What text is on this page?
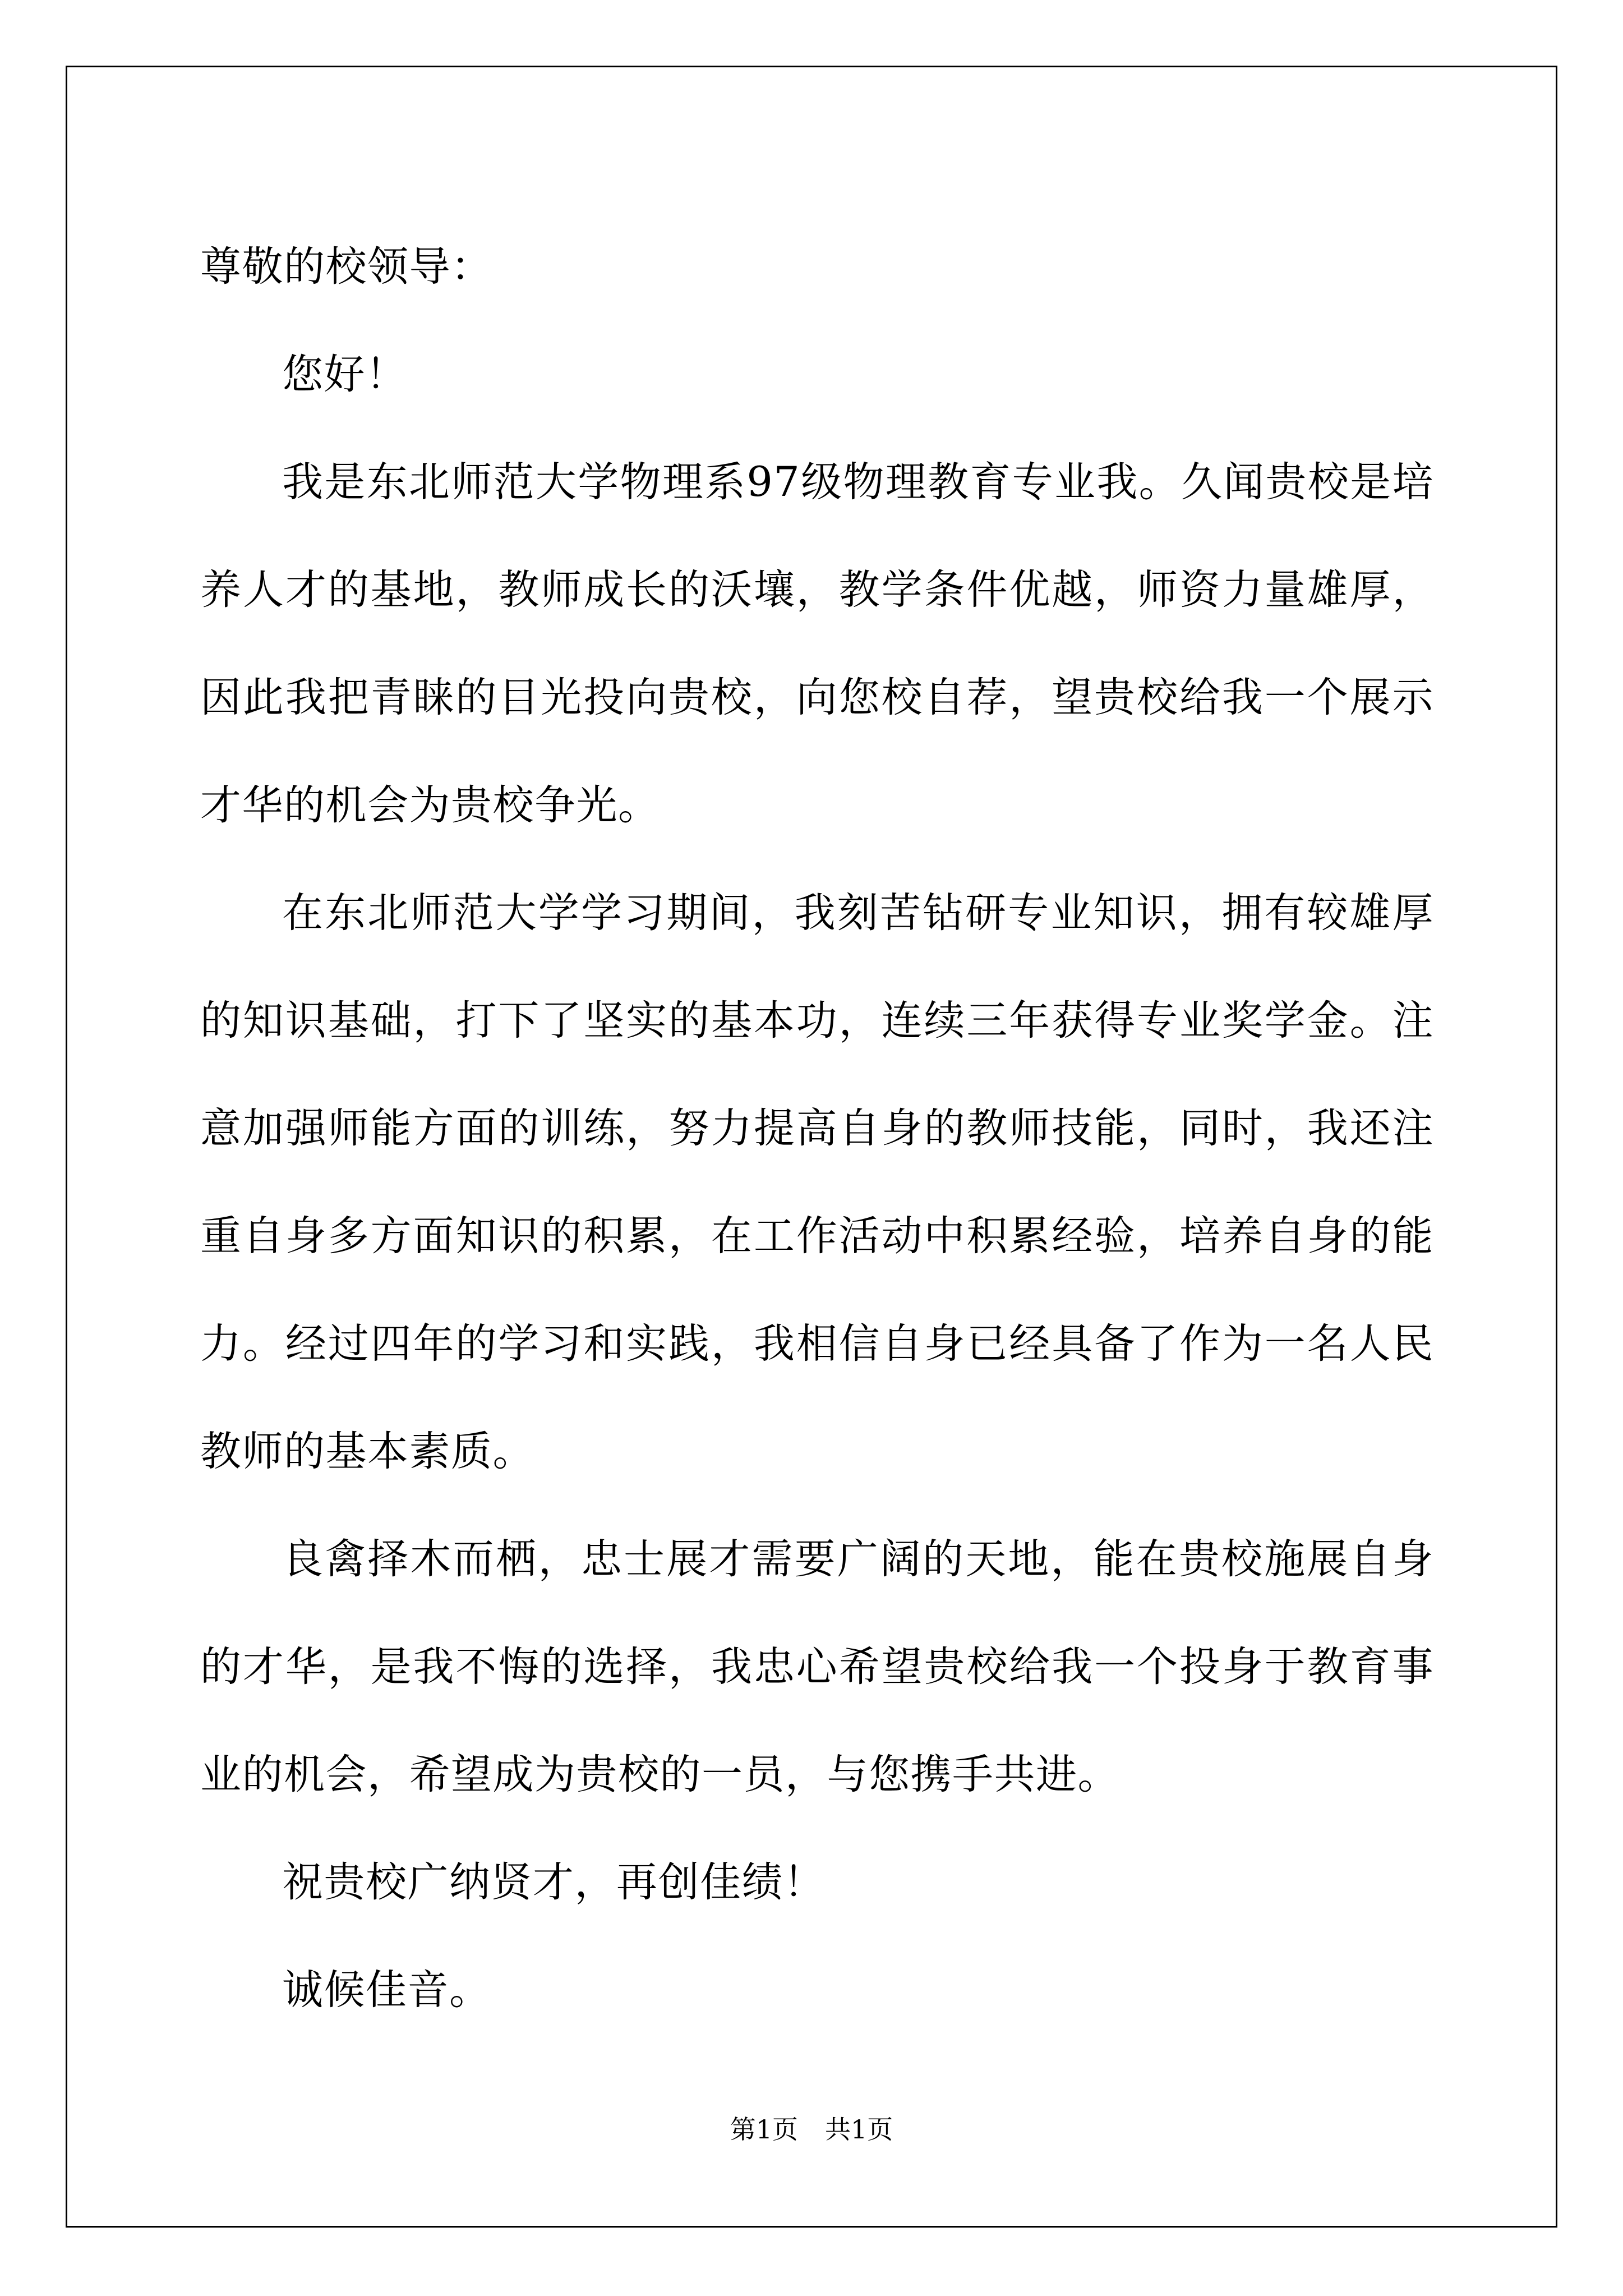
尊敬的校领导：

您好！

我是东北师范大学物理系97级物理教育专业我。久闻贵校是培养人才的基地，教师成长的沃壤，教学条件优越，师资力量雄厚，因此我把青睐的目光投向贵校，向您校自荐，望贵校给我一个展示才华的机会为贵校争光。

在东北师范大学学习期间，我刻苦钻研专业知识，拥有较雄厚的知识基础，打下了坚实的基本功，连续三年获得专业奖学金。注意加强师能方面的训练，努力提高自身的教师技能，同时，我还注重自身多方面知识的积累，在工作活动中积累经验，培养自身的能力。经过四年的学习和实践，我相信自身已经具备了作为一名人民教师的基本素质。

良禽择木而栖，忠士展才需要广阔的天地，能在贵校施展自身的才华，是我不悔的选择，我忠心希望贵校给我一个投身于教育事业的机会，希望成为贵校的一员，与您携手共进。

祝贵校广纳贤才，再创佳绩！

诚候佳音。

第1页 共1页
